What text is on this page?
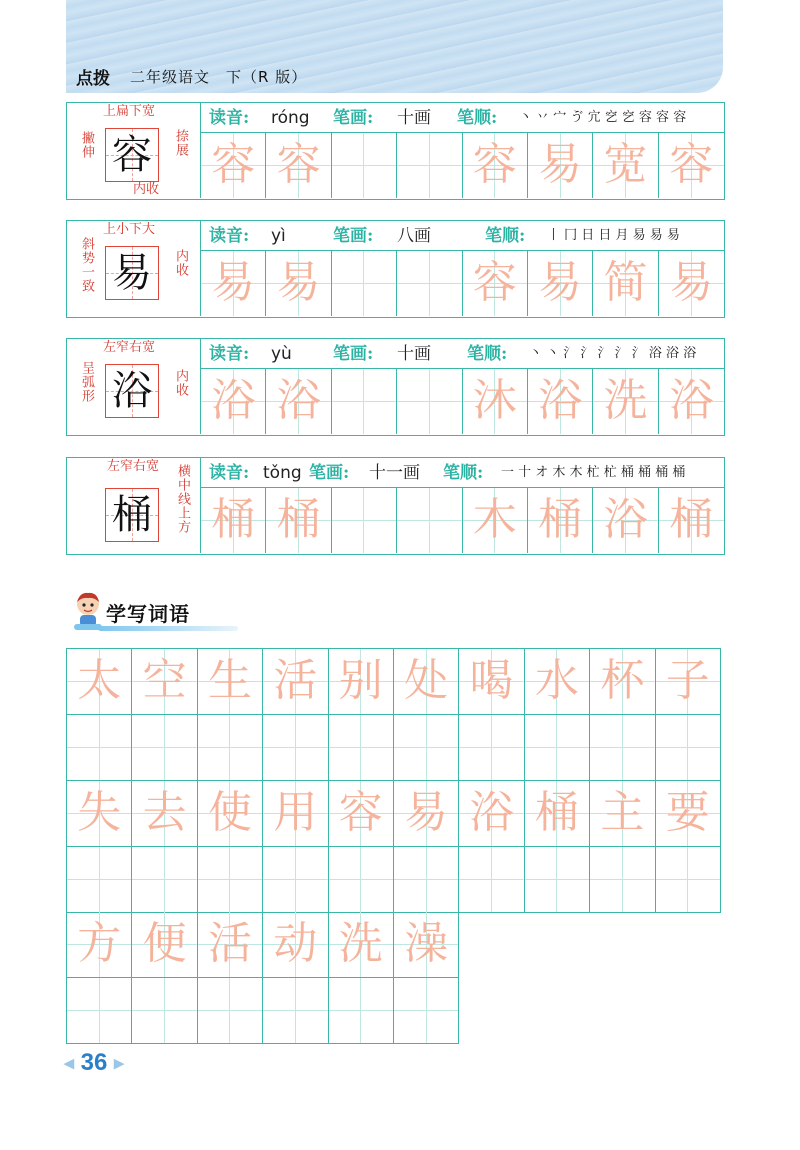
点拨 二年级语文　下（R 版）
上扁下宽
撇伸	捺展
内收
容
读音: róng 笔画: 十画 笔顺: 丶 丷 宀 ゔ 宂 穵 穵 容 容 容
容 容	容 易 宽 容
上小下大
斜势一致	内收
易
读音: yì	笔画: 八画	笔顺: 丨 冂 日 日 月 易 易 易
易 易	容 易 简 易
左窄右宽
呈弧形	内收
浴
读音: yù 笔画: 十画 笔顺: 丶 丶 氵 氵 氵 氵 氵 浴 浴 浴
浴 浴	沐 浴 洗 浴
左窄右宽 横中线上方
桶
读音: tǒng 笔画: 十一画 笔顺: 一 十 オ 木 木 杧 杧 桶 桶 桶 桶
桶 桶	木 桶 浴 桶
学写词语
太 空 生 活 别 处 喝 水 杯 子
失 去 使 用 容 易 浴 桶 主 要
方 便 活 动 洗 澡
◀ 36 ▶
